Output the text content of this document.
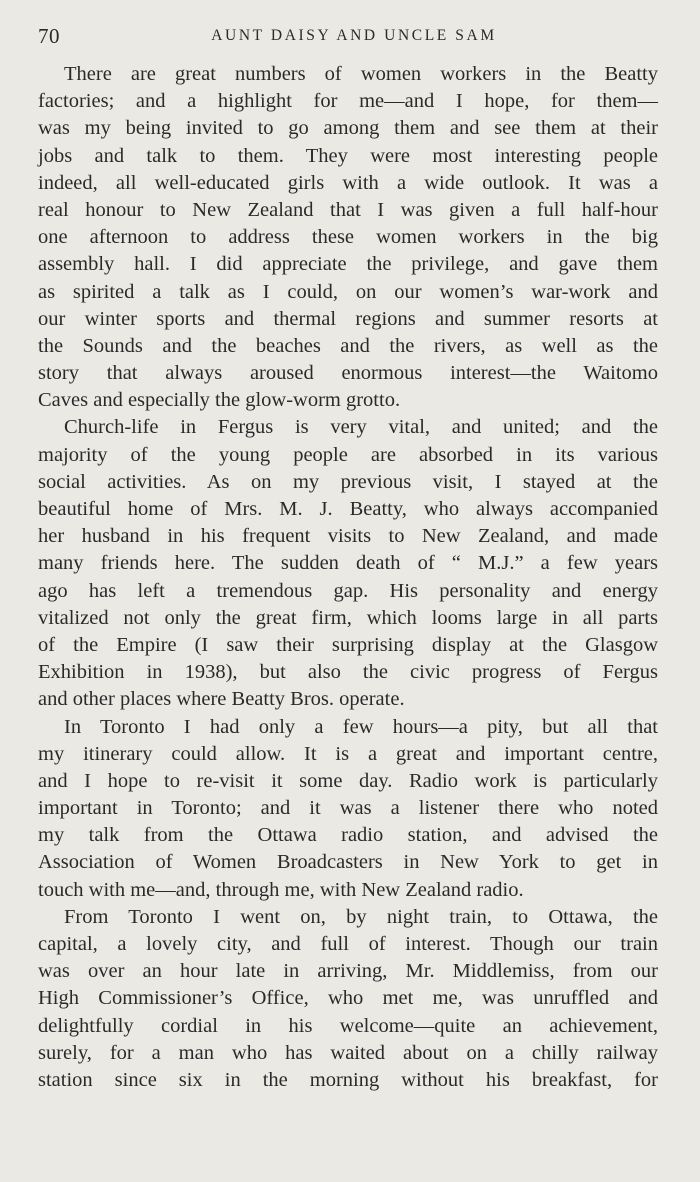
70	AUNT DAISY AND UNCLE SAM
There are great numbers of women workers in the Beatty
factories; and a highlight for me—and I hope, for them—
was my being invited to go among them and see them at their
jobs and talk to them. They were most interesting people
indeed, all well-educated girls with a wide outlook. It was a
real honour to New Zealand that I was given a full half-hour
one afternoon to address these women workers in the big
assembly hall. I did appreciate the privilege, and gave them
as spirited a talk as I could, on our women’s war-work and
our winter sports and thermal regions and summer resorts at
the Sounds and the beaches and the rivers, as well as the
story that always aroused enormous interest—the Waitomo
Caves and especially the glow-worm grotto.
Church-life in Fergus is very vital, and united; and the
majority of the young people are absorbed in its various
social activities. As on my previous visit, I stayed at the
beautiful home of Mrs. M. J. Beatty, who always accompanied
her husband in his frequent visits to New Zealand, and made
many friends here. The sudden death of “ M.J.” a few years
ago has left a tremendous gap. His personality and energy
vitalized not only the great firm, which looms large in all parts
of the Empire (I saw their surprising display at the Glasgow
Exhibition in 1938), but also the civic progress of Fergus
and other places where Beatty Bros. operate.
In Toronto I had only a few hours—a pity, but all that
my itinerary could allow. It is a great and important centre,
and I hope to re-visit it some day. Radio work is particularly
important in Toronto; and it was a listener there who noted
my talk from the Ottawa radio station, and advised the
Association of Women Broadcasters in New York to get in
touch with me—and, through me, with New Zealand radio.
From Toronto I went on, by night train, to Ottawa, the
capital, a lovely city, and full of interest. Though our train
was over an hour late in arriving, Mr. Middlemiss, from our
High Commissioner’s Office, who met me, was unruffled and
delightfully cordial in his welcome—quite an achievement,
surely, for a man who has waited about on a chilly railway
station since six in the morning without his breakfast, for
